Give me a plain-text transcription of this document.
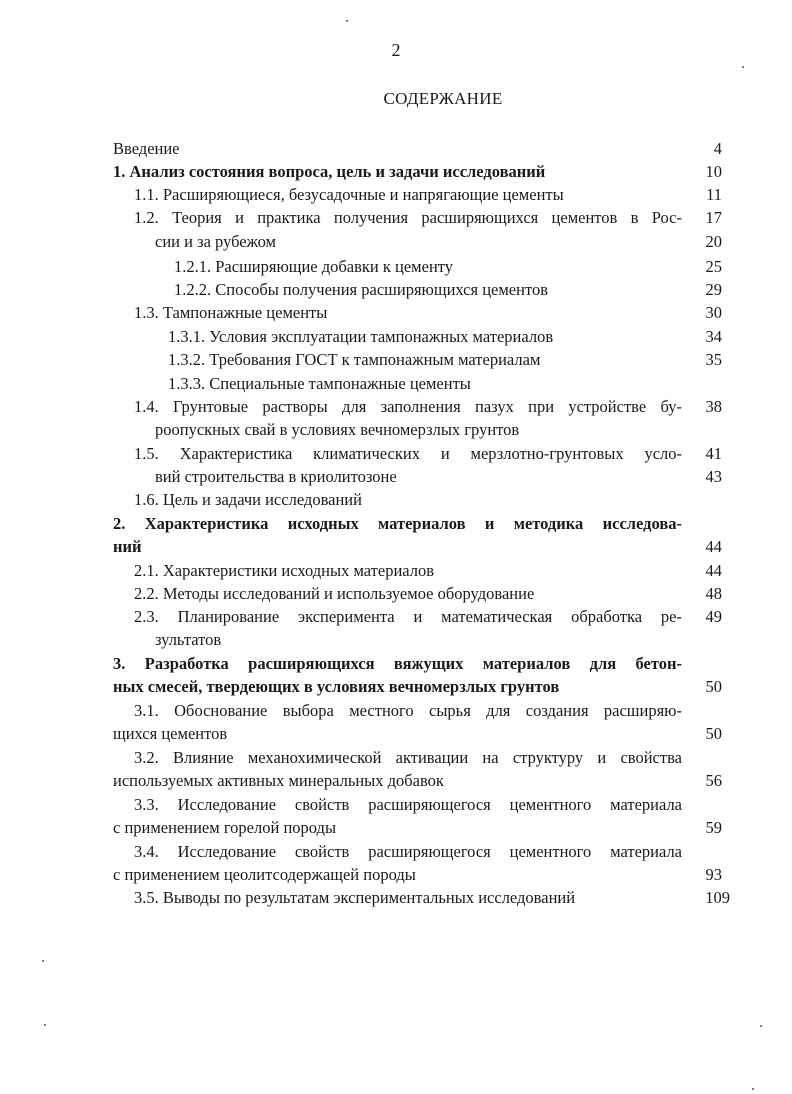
2
СОДЕРЖАНИЕ
Введение	4
1. Анализ состояния вопроса, цель и задачи исследований	10
1.1. Расширяющиеся, безусадочные и напрягающие цементы	11
1.2. Теория и практика получения расширяющихся цементов в Рос-	17
сии и за рубежом	20
1.2.1. Расширяющие добавки к цементу	25
1.2.2. Способы получения расширяющихся цементов	29
1.3. Тампонажные цементы	30
1.3.1. Условия эксплуатации тампонажных материалов	34
1.3.2. Требования ГОСТ к тампонажным материалам	35
1.3.3. Специальные тампонажные цементы
1.4. Грунтовые растворы для заполнения пазух при устройстве бу-	38
роопускных свай в условиях вечномерзлых грунтов
1.5. Характеристика климатических и мерзлотно-грунтовых усло-	41
вий строительства в криолитозоне	43
1.6. Цель и задачи исследований
2. Характеристика исходных материалов и методика исследова-
ний	44
2.1. Характеристики исходных материалов	44
2.2. Методы исследований и используемое оборудование	48
2.3. Планирование эксперимента и математическая обработка ре-	49
зультатов
3. Разработка расширяющихся вяжущих материалов для бетон-
ных смесей, твердеющих в условиях вечномерзлых грунтов	50
3.1. Обоснование выбора местного сырья для создания расширяю-
щихся цементов	50
3.2. Влияние механохимической активации на структуру и свойства
используемых активных минеральных добавок	56
3.3. Исследование свойств расширяющегося цементного материала
с применением горелой породы	59
3.4. Исследование свойств расширяющегося цементного материала
с применением цеолитсодержащей породы	93
3.5. Выводы по результатам экспериментальных исследований	109
